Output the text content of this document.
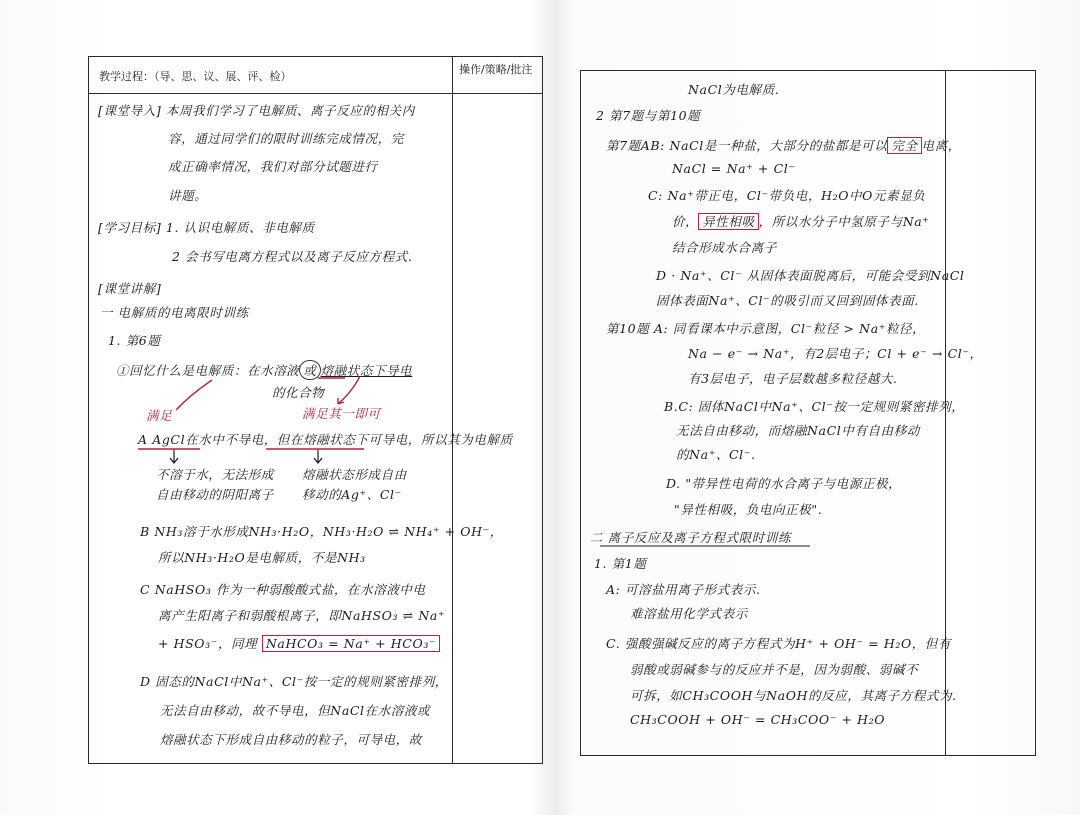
教学过程：（导、思、议、展、评、检）
操作/策略/批注
[课堂导入] 本周我们学习了电解质、离子反应的相关内
容，通过同学们的限时训练完成情况，完
成正确率情况，我们对部分试题进行
讲题。
[学习目标] 1. 认识电解质、非电解质
2 会书写电离方程式以及离子反应方程式.
[课堂讲解]
一 电解质的电离限时训练
1. 第6题
①回忆什么是电解质：在水溶液 或 熔融状态下导电
的化合物
满足	满足其一即可
A AgCl在水中不导电，但在熔融状态下可导电，所以其为电解质
不溶于水，无法形成
自由移动的阴阳离子
熔融状态形成自由
移动的Ag⁺、Cl⁻
B NH₃溶于水形成NH₃·H₂O，NH₃·H₂O ⇌ NH₄⁺ + OH⁻，
所以NH₃·H₂O是电解质，不是NH₃
C NaHSO₃ 作为一种弱酸酸式盐，在水溶液中电
离产生阳离子和弱酸根离子，即NaHSO₃ ⇌ Na⁺
+ HSO₃⁻，同理 NaHCO₃ = Na⁺ + HCO₃⁻
D 固态的NaCl中Na⁺、Cl⁻按一定的规则紧密排列，
无法自由移动，故不导电，但NaCl在水溶液或
熔融状态下形成自由移动的粒子，可导电，故
NaCl为电解质.
2 第7题与第10题
第7题AB: NaCl是一种盐，大部分的盐都是可以 完全 电离，
NaCl = Na⁺ + Cl⁻
C: Na⁺带正电，Cl⁻带负电，H₂O中O元素显负
价， 异性相吸 ，所以水分子中氢原子与Na⁺
结合形成水合离子
D · Na⁺、Cl⁻ 从固体表面脱离后，可能会受到NaCl
固体表面Na⁺、Cl⁻的吸引而又回到固体表面.
第10题 A: 同看课本中示意图，Cl⁻粒径 > Na⁺粒径，
Na − e⁻ → Na⁺，有2层电子；Cl + e⁻ → Cl⁻，
有3层电子，电子层数越多粒径越大.
B.C: 固体NaCl中Na⁺、Cl⁻按一定规则紧密排列，
无法自由移动，而熔融NaCl中有自由移动
的Na⁺、Cl⁻.
D. "带异性电荷的水合离子与电源正极，
"异性相吸，负电向正极".
二 离子反应及离子方程式限时训练
1. 第1题
A: 可溶盐用离子形式表示.
难溶盐用化学式表示
C. 强酸强碱反应的离子方程式为H⁺ + OH⁻ = H₂O，但有
弱酸或弱碱参与的反应并不是，因为弱酸、弱碱不
可拆，如CH₃COOH与NaOH的反应，其离子方程式为.
CH₃COOH + OH⁻ = CH₃COO⁻ + H₂O
